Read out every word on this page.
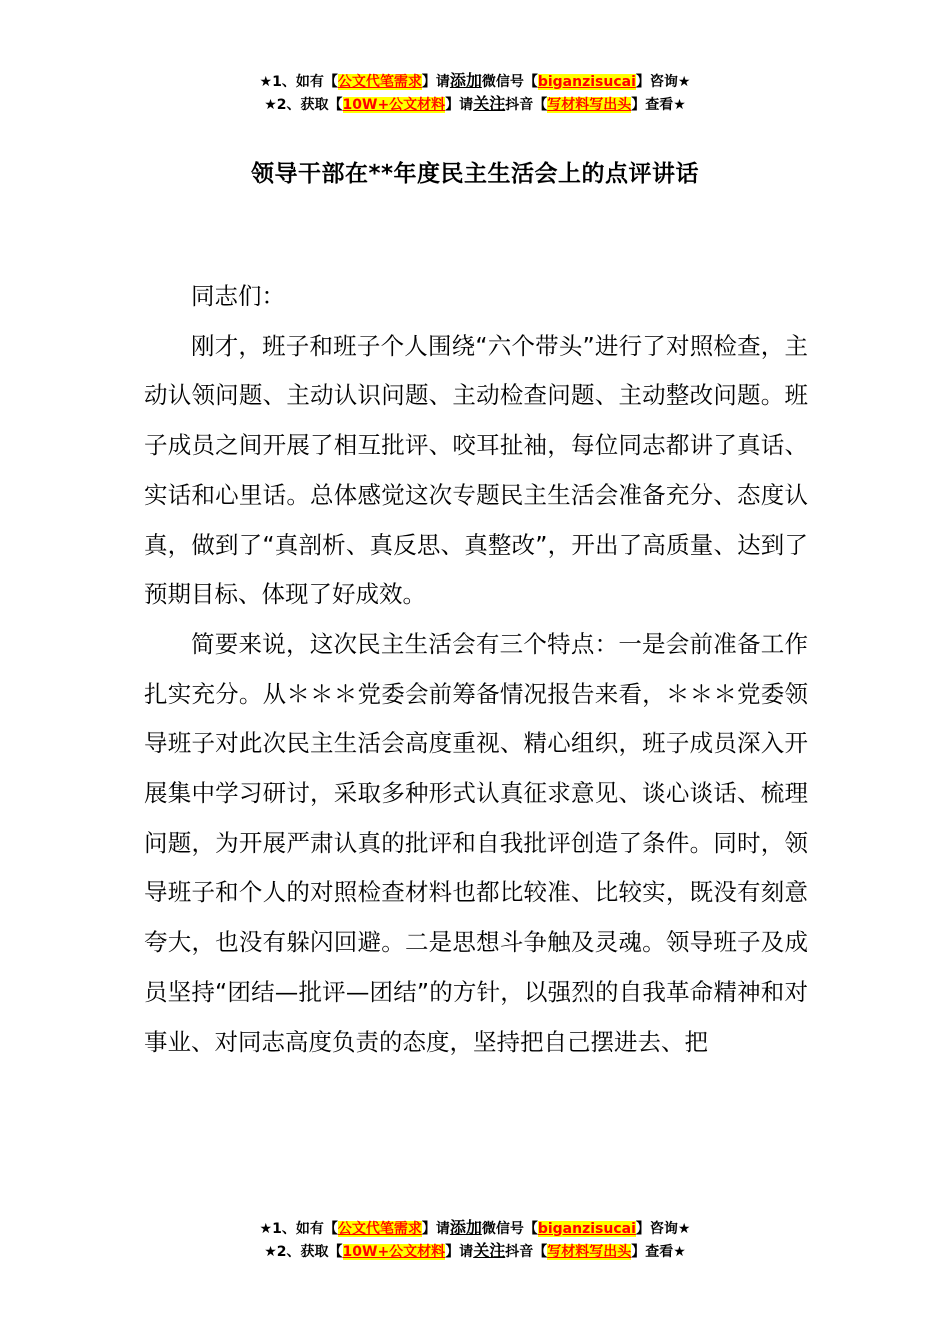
★1、如有【公文代笔需求】请添加微信号【biganzisucai】咨询★
★2、获取【10W+公文材料】请关注抖音【写材料写出头】查看★
领导干部在**年度民主生活会上的点评讲话

同志们：

刚才，班子和班子个人围绕“六个带头”进行了对照检查，主动认领问题、主动认识问题、主动检查问题、主动整改问题。班子成员之间开展了相互批评、咬耳扯袖，每位同志都讲了真话、实话和心里话。总体感觉这次专题民主生活会准备充分、态度认真，做到了“真剖析、真反思、真整改”，开出了高质量、达到了预期目标、体现了好成效。

简要来说，这次民主生活会有三个特点：一是会前准备工作扎实充分。从＊＊＊党委会前筹备情况报告来看，＊＊＊党委领导班子对此次民主生活会高度重视、精心组织，班子成员深入开展集中学习研讨，采取多种形式认真征求意见、谈心谈话、梳理问题，为开展严肃认真的批评和自我批评创造了条件。同时，领导班子和个人的对照检查材料也都比较准、比较实，既没有刻意夸大，也没有躲闪回避。二是思想斗争触及灵魂。领导班子及成员坚持“团结—批评—团结”的方针，以强烈的自我革命精神和对事业、对同志高度负责的态度，坚持把自己摆进去、把

★1、如有【公文代笔需求】请添加微信号【biganzisucai】咨询★
★2、获取【10W+公文材料】请关注抖音【写材料写出头】查看★
